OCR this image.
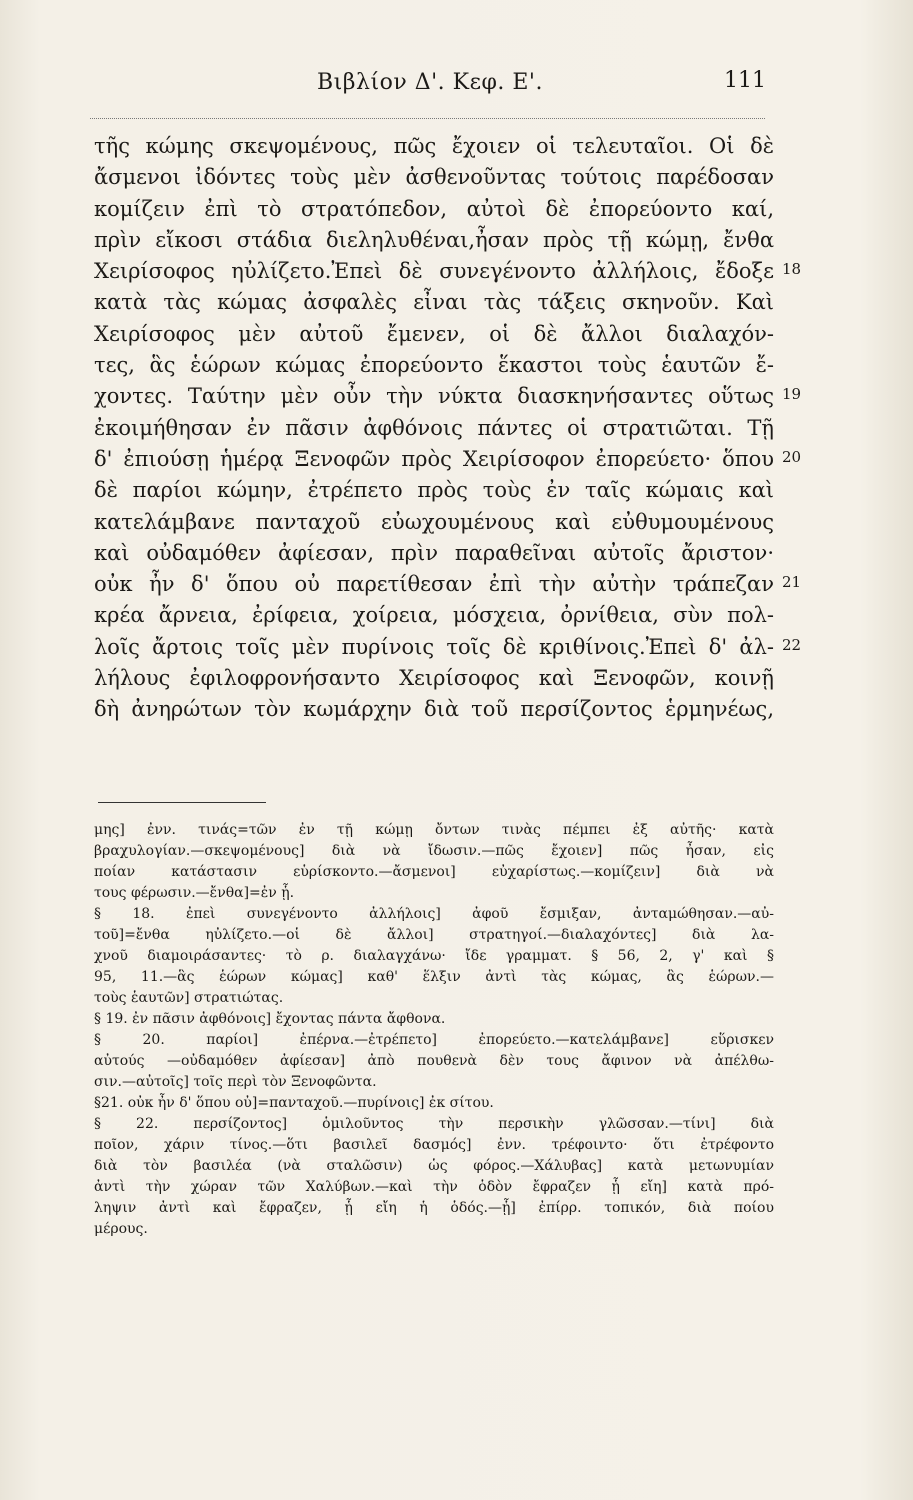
Βιβλίον Δ'. Κεφ. Ε'.	111
τῆς κώμης σκεψομένους, πῶς ἔχοιεν οἱ τελευταῖοι. Οἱ δὲ
ἄσμενοι ἰδόντες τοὺς μὲν ἀσθενοῦντας τούτοις παρέδοσαν
κομίζειν ἐπὶ τὸ στρατόπεδον, αὐτοὶ δὲ ἐπορεύοντο καί,
πρὶν εἴκοσι στάδια διεληλυθέναι,ἦσαν πρὸς τῇ κώμῃ, ἔνθα
Χειρίσοφος ηὐλίζετο.Ἐπεὶ δὲ συνεγένοντο ἀλλήλοις, ἔδοξε 18
κατὰ τὰς κώμας ἀσφαλὲς εἶναι τὰς τάξεις σκηνοῦν. Καὶ
Χειρίσοφος μὲν αὐτοῦ ἔμενεν, οἱ δὲ ἄλλοι διαλαχόν-
τες, ἃς ἑώρων κώμας ἐπορεύοντο ἕκαστοι τοὺς ἑαυτῶν ἔ-
χοντες. Ταύτην μὲν οὖν τὴν νύκτα διασκηνήσαντες οὕτως 19
ἐκοιμήθησαν ἐν πᾶσιν ἀφθόνοις πάντες οἱ στρατιῶται. Τῇ
δ' ἐπιούσῃ ἡμέρᾳ Ξενοφῶν πρὸς Χειρίσοφον ἐπορεύετο· ὅπου 20
δὲ παρίοι κώμην, ἐτρέπετο πρὸς τοὺς ἐν ταῖς κώμαις καὶ
κατελάμβανε πανταχοῦ εὐωχουμένους καὶ εὐθυμουμένους
καὶ οὐδαμόθεν ἀφίεσαν, πρὶν παραθεῖναι αὐτοῖς ἄριστον·
οὐκ ἦν δ' ὅπου οὐ παρετίθεσαν ἐπὶ τὴν αὐτὴν τράπεζαν 21
κρέα ἄρνεια, ἐρίφεια, χοίρεια, μόσχεια, ὀρνίθεια, σὺν πολ-
λοῖς ἄρτοις τοῖς μὲν πυρίνοις τοῖς δὲ κριθίνοις.Ἐπεὶ δ' ἀλ- 22
λήλους ἐφιλοφρονήσαντο Χειρίσοφος καὶ Ξενοφῶν, κοινῇ
δὴ ἀνηρώτων τὸν κωμάρχην διὰ τοῦ περσίζοντος ἑρμηνέως,
μης] ἐνν. τινάς=τῶν ἐν τῇ κώμῃ ὄντων τινὰς πέμπει ἐξ αὐτῆς· κατὰ
βραχυλογίαν.—σκεψομένους] διὰ νὰ ἴδωσιν.—πῶς ἔχοιεν] πῶς ἦσαν, εἰς
ποίαν κατάστασιν εὑρίσκοντο.—ἄσμενοι] εὐχαρίστως.—κομίζειν] διὰ νὰ
τους φέρωσιν.—ἔνθα]=ἐν ᾗ.
§ 18. ἐπεὶ συνεγένοντο ἀλλήλοις] ἀφοῦ ἔσμιξαν, ἀνταμώθησαν.—αὐ-
τοῦ]=ἔνθα ηὐλίζετο.—οἱ δὲ ἄλλοι] στρατηγοί.—διαλαχόντες] διὰ λα-
χνοῦ διαμοιράσαντες· τὸ ρ. διαλαγχάνω· ἴδε γραμματ. § 56, 2, γ' καὶ §
95, 11.—ἃς ἑώρων κώμας] καθ' ἕλξιν ἀντὶ τὰς κώμας, ἃς ἑώρων.—
τοὺς ἑαυτῶν] στρατιώτας.
§ 19. ἐν πᾶσιν ἀφθόνοις] ἔχοντας πάντα ἄφθονα.
§ 20. παρίοι] ἐπέρνα.—ἐτρέπετο] ἐπορεύετο.—κατελάμβανε] εὕρισκεν
αὐτούς —οὐδαμόθεν ἀφίεσαν] ἀπὸ πουθενὰ δὲν τους ἄφινον νὰ ἀπέλθω-
σιν.—αὐτοῖς] τοῖς περὶ τὸν Ξενοφῶντα.
§21. οὐκ ἦν δ' ὅπου οὐ]=πανταχοῦ.—πυρίνοις] ἐκ σίτου.
§ 22. περσίζοντος] ὁμιλοῦντος τὴν περσικὴν γλῶσσαν.—τίνι] διὰ
ποῖον, χάριν τίνος.—ὅτι βασιλεῖ δασμός] ἐνν. τρέφοιντο· ὅτι ἐτρέφοντο
διὰ τὸν βασιλέα (νὰ σταλῶσιν) ὡς φόρος.—Χάλυβας] κατὰ μετωνυμίαν
ἀντὶ τὴν χώραν τῶν Χαλύβων.—καὶ τὴν ὁδὸν ἔφραζεν ᾗ εἴη] κατὰ πρό-
ληψιν ἀντὶ καὶ ἔφραζεν, ᾗ εἴη ἡ ὁδός.—ᾗ] ἐπίρρ. τοπικόν, διὰ ποίου
μέρους.
